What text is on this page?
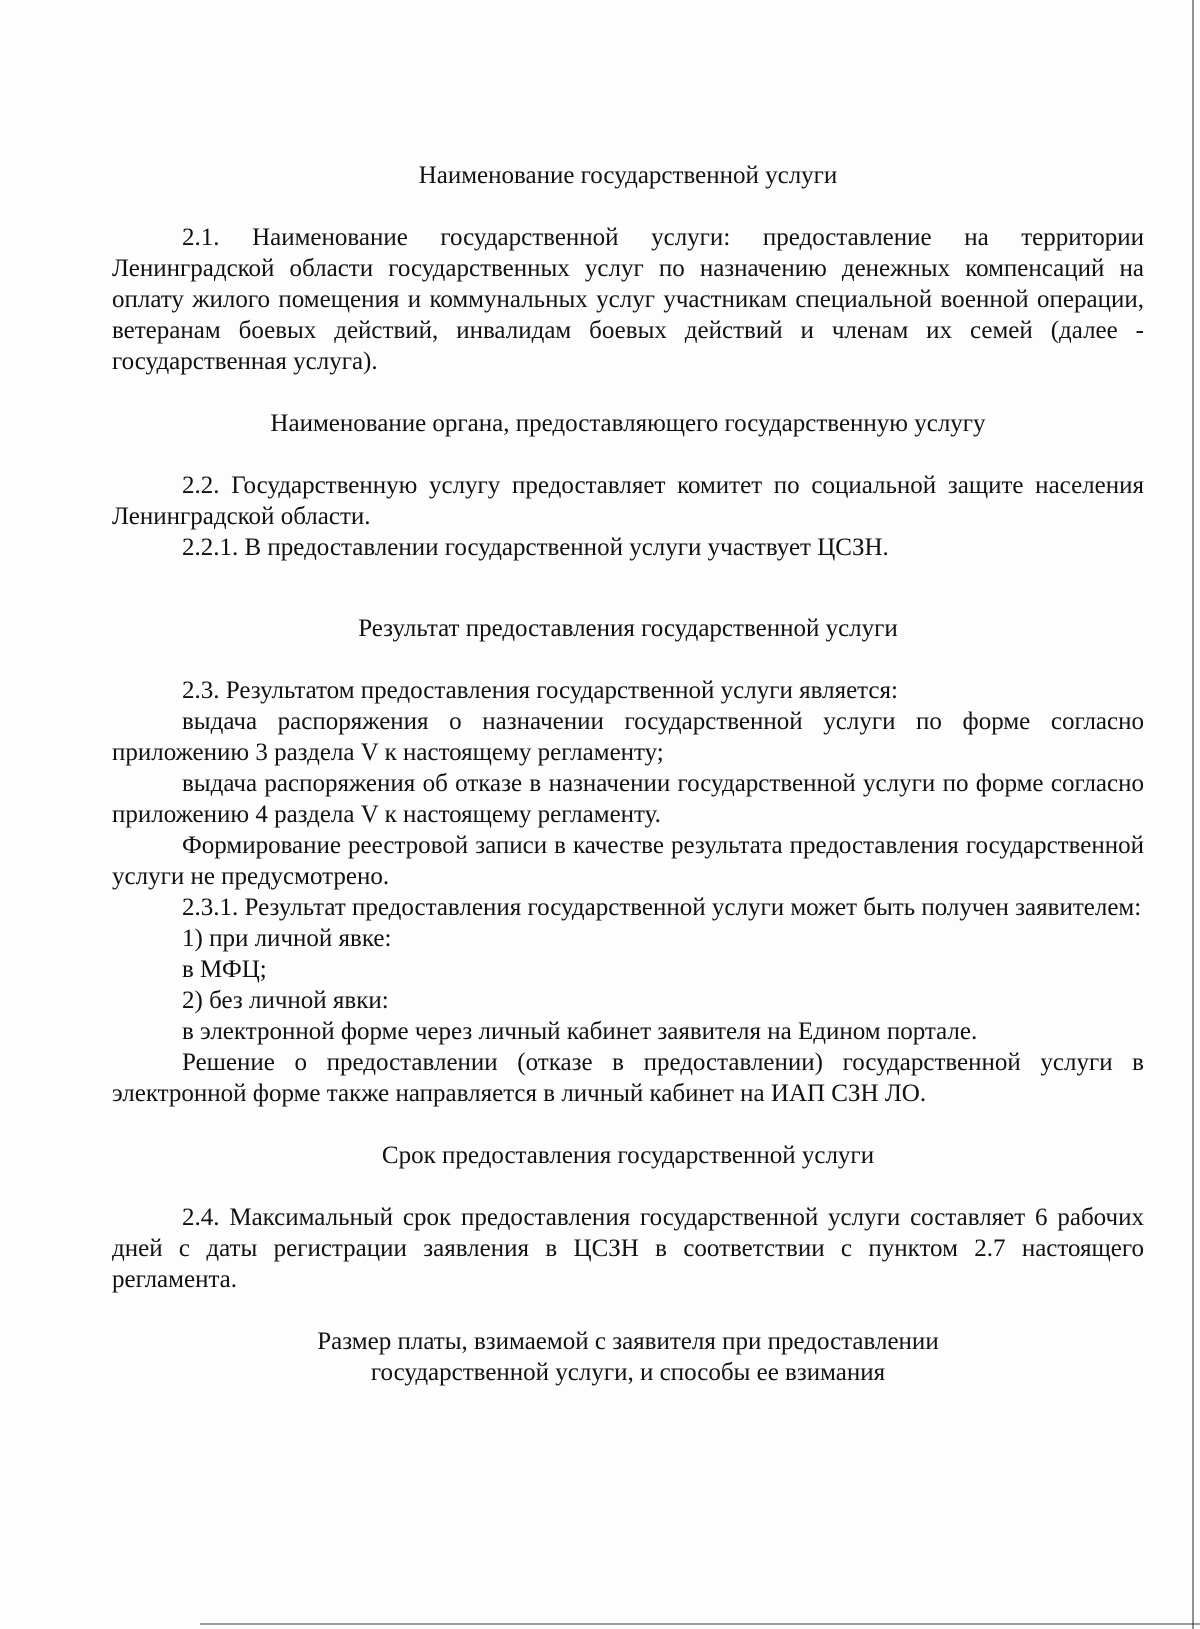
Наименование государственной услуги

2.1. Наименование государственной услуги: предоставление на территории Ленинградской области государственных услуг по назначению денежных компенсаций на оплату жилого помещения и коммунальных услуг участникам специальной военной операции, ветеранам боевых действий, инвалидам боевых действий и членам их семей (далее - государственная услуга).

Наименование органа, предоставляющего государственную услугу

2.2. Государственную услугу предоставляет комитет по социальной защите населения Ленинградской области.

2.2.1. В предоставлении государственной услуги участвует ЦСЗН.

Результат предоставления государственной услуги

2.3. Результатом предоставления государственной услуги является:

выдача распоряжения о назначении государственной услуги по форме согласно приложению 3 раздела V к настоящему регламенту;

выдача распоряжения об отказе в назначении государственной услуги по форме согласно приложению 4 раздела V к настоящему регламенту.

Формирование реестровой записи в качестве результата предоставления государственной услуги не предусмотрено.

2.3.1. Результат предоставления государственной услуги может быть получен заявителем:

1) при личной явке:

в МФЦ;

2) без личной явки:

в электронной форме через личный кабинет заявителя на Едином портале.

Решение о предоставлении (отказе в предоставлении) государственной услуги в электронной форме также направляется в личный кабинет на ИАП СЗН ЛО.

Срок предоставления государственной услуги

2.4. Максимальный срок предоставления государственной услуги составляет 6 рабочих дней с даты регистрации заявления в ЦСЗН в соответствии с пунктом 2.7 настоящего регламента.

Размер платы, взимаемой с заявителя при предоставлении
государственной услуги, и способы ее взимания
